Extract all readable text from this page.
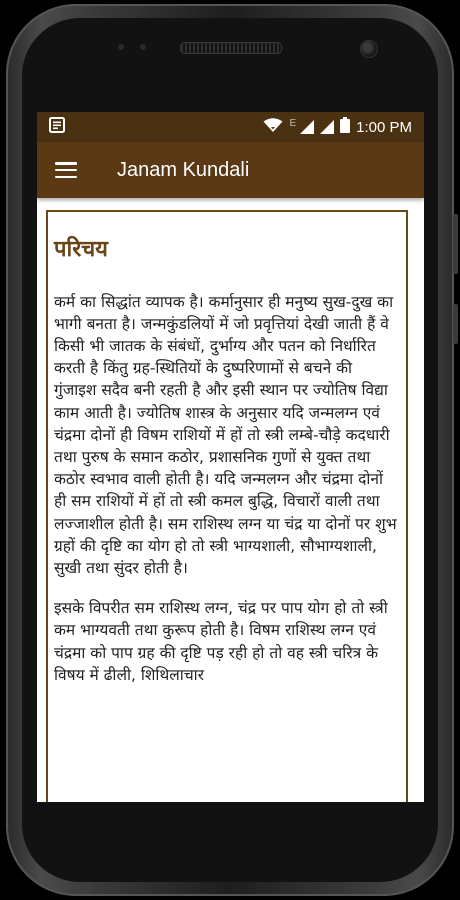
E	1:00 PM
Janam Kundali
परिचय

कर्म का सिद्धांत व्यापक है। कर्मानुसार ही मनुष्य सुख-दुख का भागी बनता है। जन्मकुंडलियों में जो प्रवृत्तियां देखी जाती हैं वे किसी भी जातक के संबंधों, दुर्भाग्य और पतन को निर्धारित करती है किंतु ग्रह-स्थितियों के दुष्परिणामों से बचने की गुंजाइश सदैव बनी रहती है और इसी स्थान पर ज्योतिष विद्या काम आती है। ज्योतिष शास्त्र के अनुसार यदि जन्मलग्न एवं चंद्रमा दोनों ही विषम राशियों में हों तो स्त्री लम्बे-चौड़े कदधारी तथा पुरुष के समान कठोर, प्रशासनिक गुणों से युक्त तथा कठोर स्वभाव वाली होती है। यदि जन्मलग्न और चंद्रमा दोनों ही सम राशियों में हों तो स्त्री कमल बुद्धि, विचारों वाली तथा लज्जाशील होती है। सम राशिस्थ लग्न या चंद्र या दोनों पर शुभ ग्रहों की दृष्टि का योग हो तो स्त्री भाग्यशाली, सौभाग्यशाली, सुखी तथा सुंदर होती है।

इसके विपरीत सम राशिस्थ लग्न, चंद्र पर पाप योग हो तो स्त्री कम भाग्यवती तथा कुरूप होती है। विषम राशिस्थ लग्न एवं चंद्रमा को पाप ग्रह की दृष्टि पड़ रही हो तो वह स्त्री चरित्र के विषय में ढीली, शिथिलाचार
